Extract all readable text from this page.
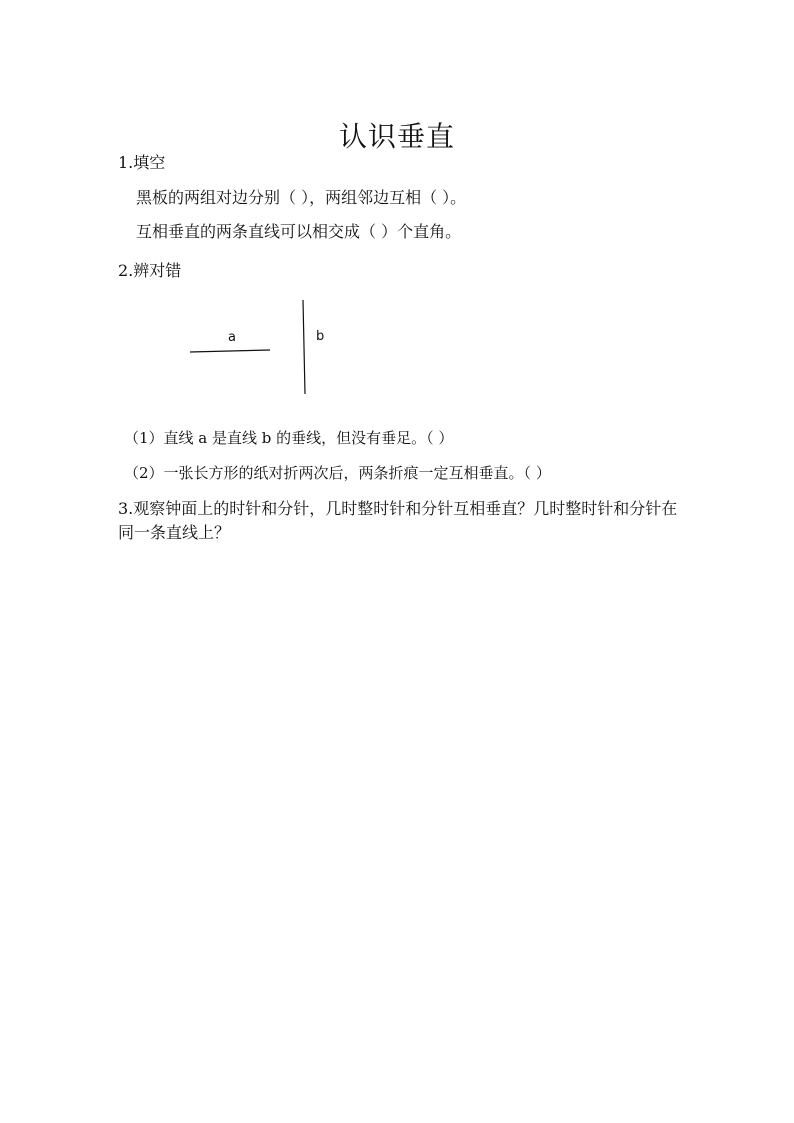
认识垂直
1.填空
黑板的两组对边分别（ ），两组邻边互相（ ）。
互相垂直的两条直线可以相交成（ ）个直角。
2.辨对错
a	b
（1）直线 a 是直线 b 的垂线，但没有垂足。（ ）
（2）一张长方形的纸对折两次后，两条折痕一定互相垂直。（ ）
3.观察钟面上的时针和分针，几时整时针和分针互相垂直？几时整时针和分针在同一条直线上？
